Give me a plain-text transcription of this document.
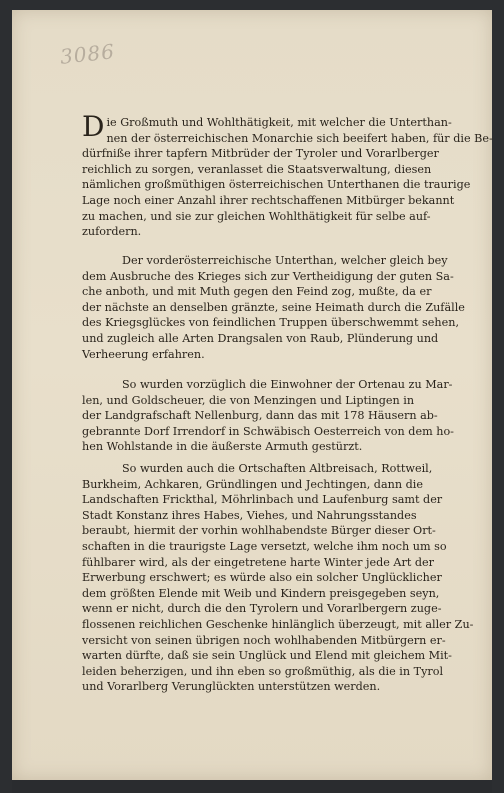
3086

Die Großmuth und Wohlthätigkeit, mit welcher die Unterthan-

nen der österreichischen Monarchie sich beeifert haben, für die Be-

dürfniße ihrer tapfern Mitbrüder der Tyroler und Vorarlberger

reichlich zu sorgen, veranlasset die Staatsverwaltung, diesen

nämlichen großmüthigen österreichischen Unterthanen die traurige

Lage noch einer Anzahl ihrer rechtschaffenen Mitbürger bekannt

zu machen, und sie zur gleichen Wohlthätigkeit für selbe auf-

zufordern.

Der vorderösterreichische Unterthan, welcher gleich bey

dem Ausbruche des Krieges sich zur Vertheidigung der guten Sa-

che anboth, und mit Muth gegen den Feind zog, mußte, da er

der nächste an denselben gränzte, seine Heimath durch die Zufälle

des Kriegsglückes von feindlichen Truppen überschwemmt sehen,

und zugleich alle Arten Drangsalen von Raub, Plünderung und

Verheerung erfahren.

So wurden vorzüglich die Einwohner der Ortenau zu Mar-

len, und Goldscheuer, die von Menzingen und Liptingen in

der Landgrafschaft Nellenburg, dann das mit 178 Häusern ab-

gebrannte Dorf Irrendorf in Schwäbisch Oesterreich von dem ho-

hen Wohlstande in die äußerste Armuth gestürzt.

So wurden auch die Ortschaften Altbreisach, Rottweil,

Burkheim, Achkaren, Gründlingen und Jechtingen, dann die

Landschaften Frickthal, Möhrlinbach und Laufenburg samt der

Stadt Konstanz ihres Habes, Viehes, und Nahrungsstandes

beraubt, hiermit der vorhin wohlhabendste Bürger dieser Ort-

schaften in die traurigste Lage versetzt, welche ihm noch um so

fühlbarer wird, als der eingetretene harte Winter jede Art der

Erwerbung erschwert; es würde also ein solcher Unglücklicher

dem größten Elende mit Weib und Kindern preisgegeben seyn,

wenn er nicht, durch die den Tyrolern und Vorarlbergern zuge-

flossenen reichlichen Geschenke hinlänglich überzeugt, mit aller Zu-

versicht von seinen übrigen noch wohlhabenden Mitbürgern er-

warten dürfte, daß sie sein Unglück und Elend mit gleichem Mit-

leiden beherzigen, und ihn eben so großmüthig, als die in Tyrol

und Vorarlberg Verunglückten unterstützen werden.
